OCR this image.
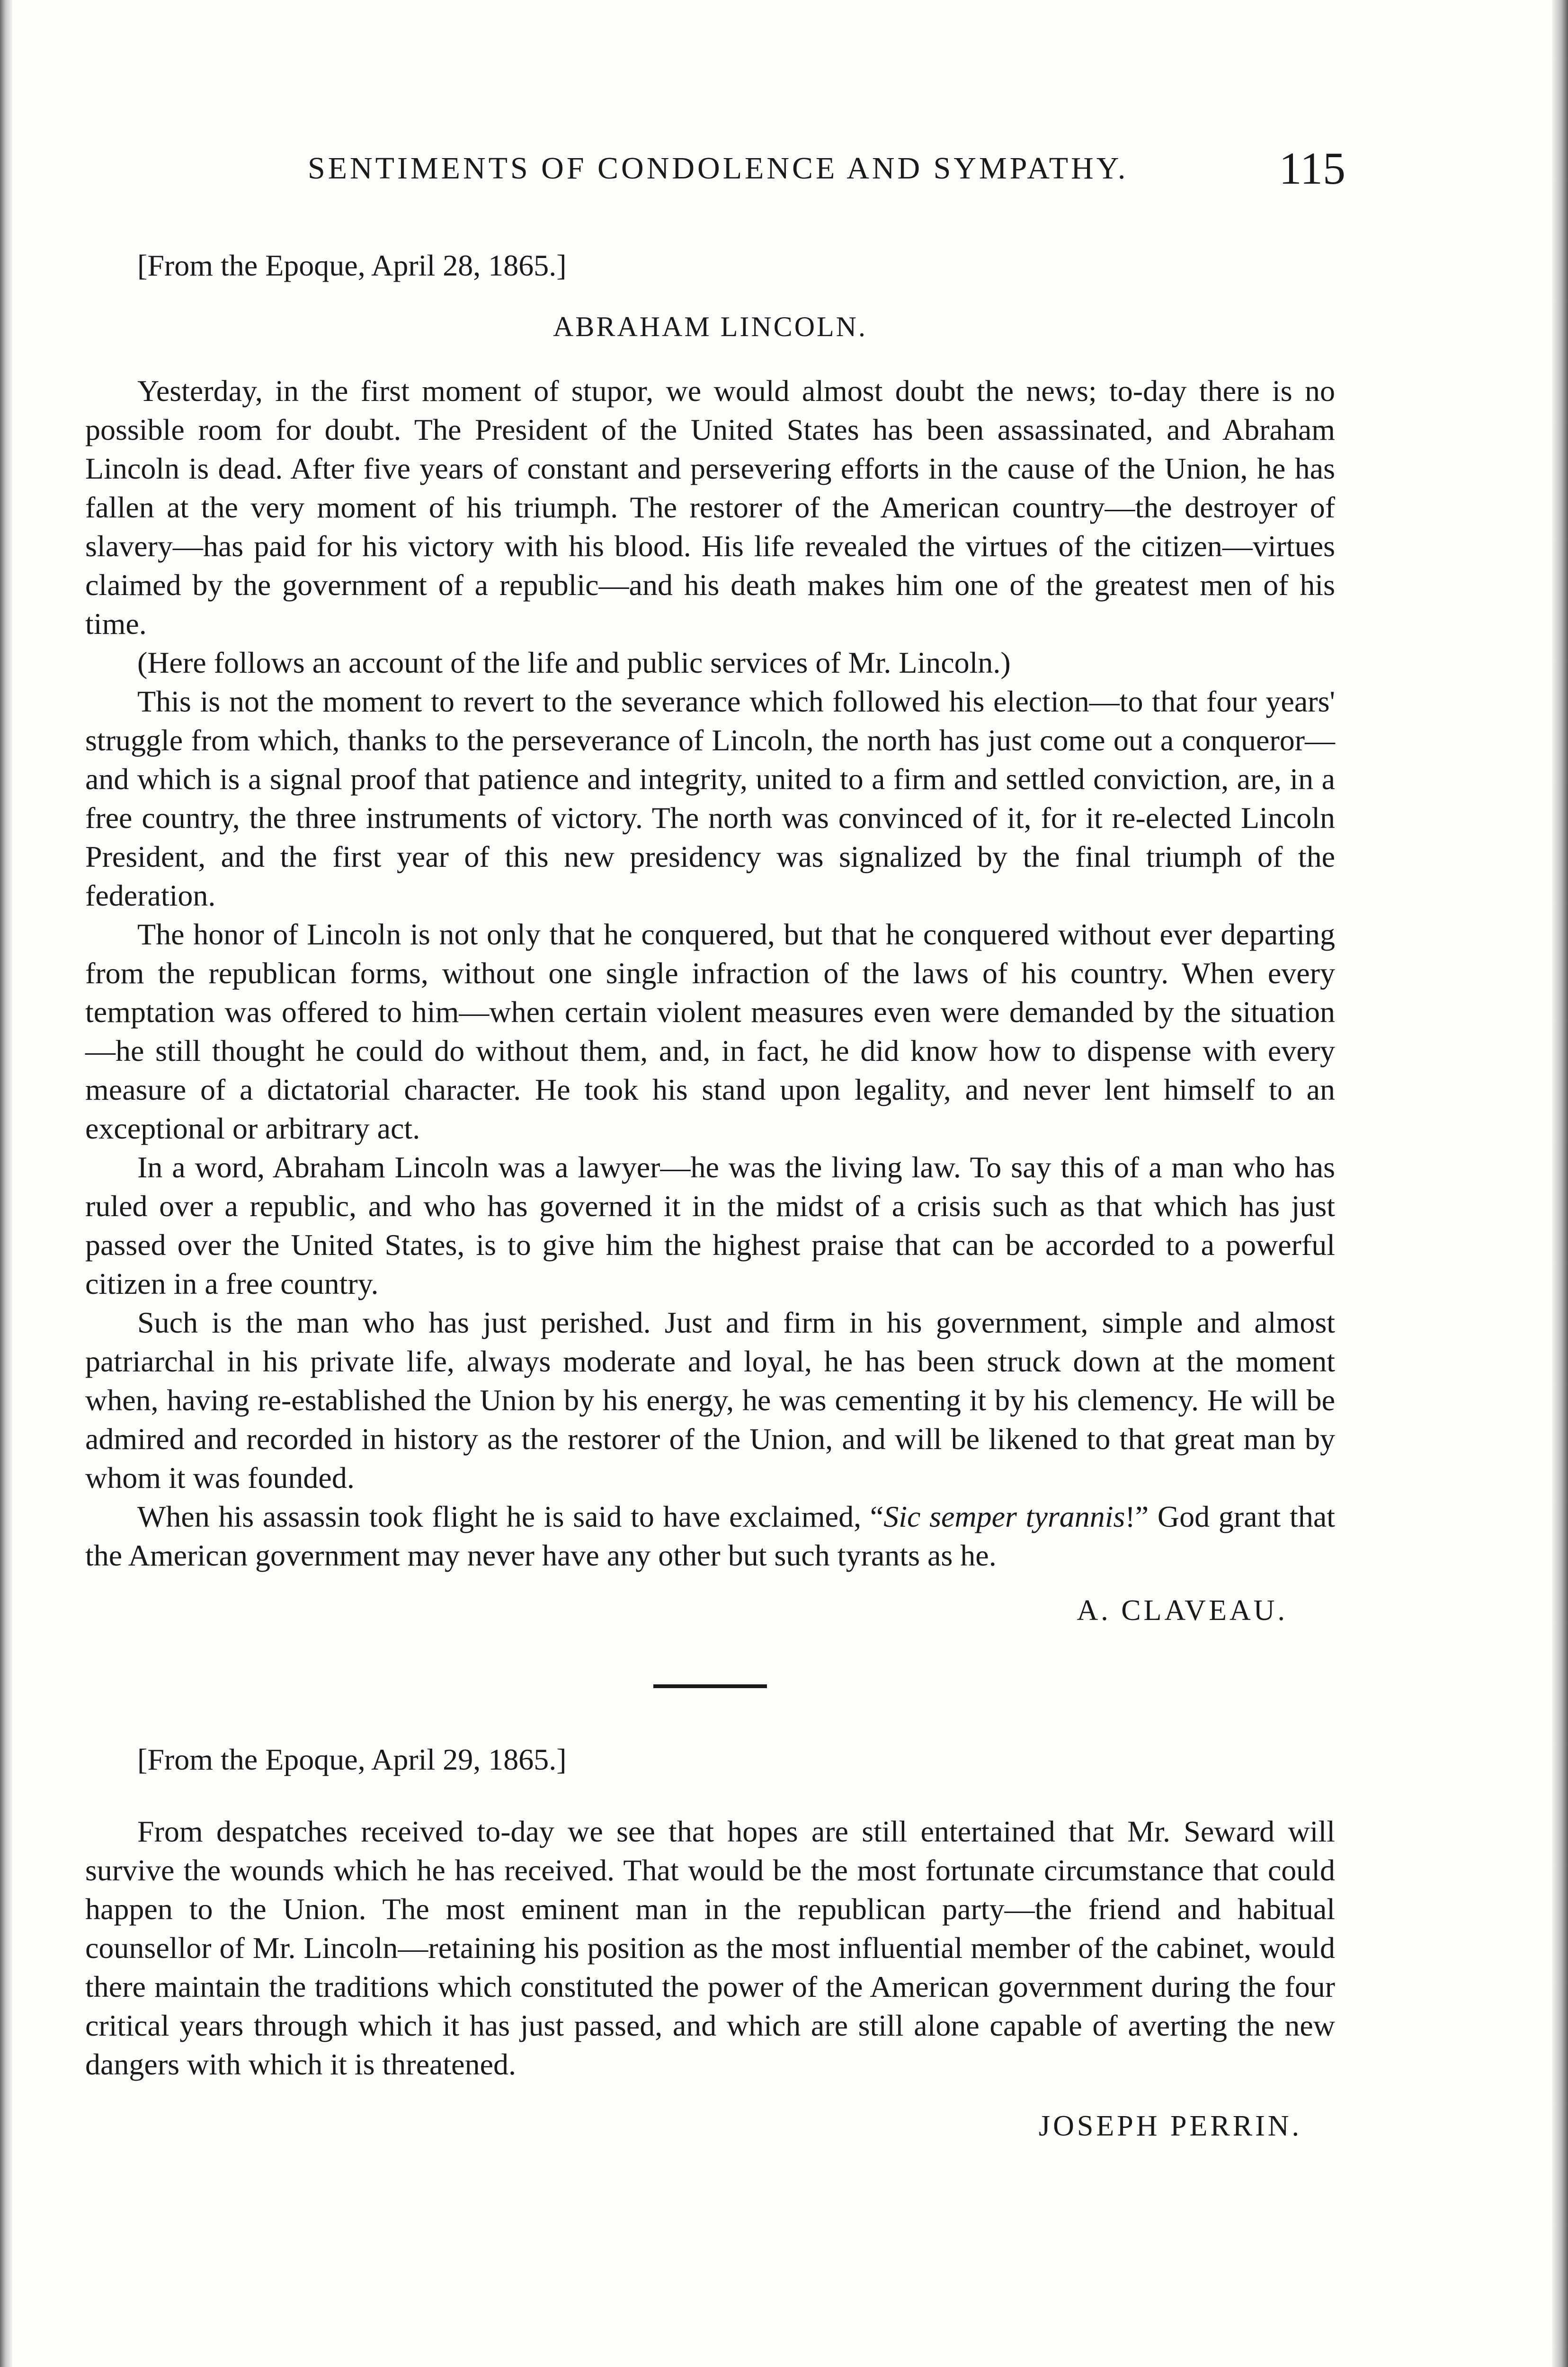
SENTIMENTS OF CONDOLENCE AND SYMPATHY.	115

[From the Epoque, April 28, 1865.]

ABRAHAM LINCOLN.

Yesterday, in the first moment of stupor, we would almost doubt the news; to-day there is no possible room for doubt. The President of the United States has been assassinated, and Abraham Lincoln is dead. After five years of constant and persevering efforts in the cause of the Union, he has fallen at the very moment of his triumph. The restorer of the American country—the destroyer of slavery—has paid for his victory with his blood. His life revealed the virtues of the citizen—virtues claimed by the government of a republic—and his death makes him one of the greatest men of his time.

(Here follows an account of the life and public services of Mr. Lincoln.)

This is not the moment to revert to the severance which followed his election—to that four years' struggle from which, thanks to the perseverance of Lincoln, the north has just come out a conqueror—and which is a signal proof that patience and integrity, united to a firm and settled conviction, are, in a free country, the three instruments of victory. The north was convinced of it, for it re-elected Lincoln President, and the first year of this new presidency was signalized by the final triumph of the federation.

The honor of Lincoln is not only that he conquered, but that he conquered without ever departing from the republican forms, without one single infraction of the laws of his country. When every temptation was offered to him—when certain violent measures even were demanded by the situation—he still thought he could do without them, and, in fact, he did know how to dispense with every measure of a dictatorial character. He took his stand upon legality, and never lent himself to an exceptional or arbitrary act.

In a word, Abraham Lincoln was a lawyer—he was the living law. To say this of a man who has ruled over a republic, and who has governed it in the midst of a crisis such as that which has just passed over the United States, is to give him the highest praise that can be accorded to a powerful citizen in a free country.

Such is the man who has just perished. Just and firm in his government, simple and almost patriarchal in his private life, always moderate and loyal, he has been struck down at the moment when, having re-established the Union by his energy, he was cementing it by his clemency. He will be admired and recorded in history as the restorer of the Union, and will be likened to that great man by whom it was founded.

When his assassin took flight he is said to have exclaimed, “Sic semper tyrannis!” God grant that the American government may never have any other but such tyrants as he.

A. CLAVEAU.

[From the Epoque, April 29, 1865.]

From despatches received to-day we see that hopes are still entertained that Mr. Seward will survive the wounds which he has received. That would be the most fortunate circumstance that could happen to the Union. The most eminent man in the republican party—the friend and habitual counsellor of Mr. Lincoln—retaining his position as the most influential member of the cabinet, would there maintain the traditions which constituted the power of the American government during the four critical years through which it has just passed, and which are still alone capable of averting the new dangers with which it is threatened.

JOSEPH PERRIN.
